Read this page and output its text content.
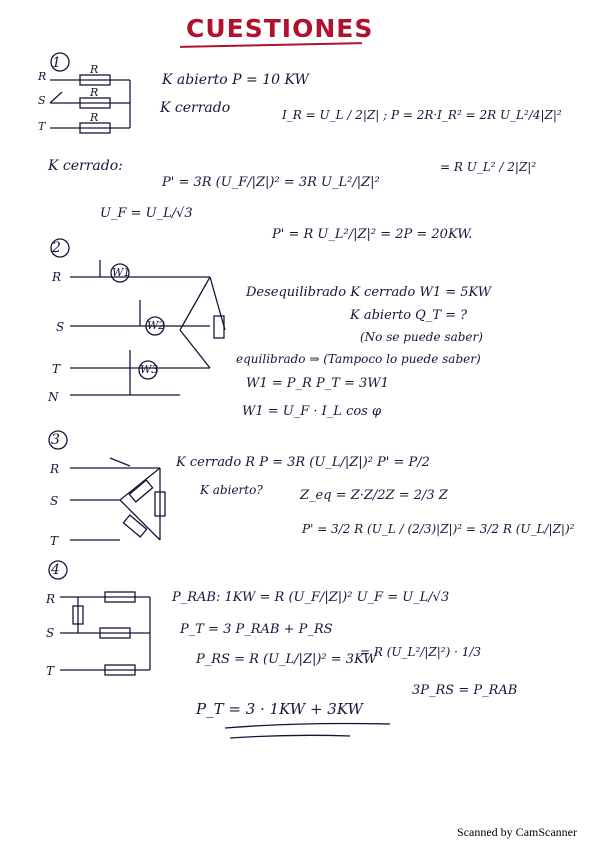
CUESTIONES
R
S
T
R
R
R
1
K abierto P = 10 KW
K cerrado	I_R = U_L / 2|Z| ; P = 2R·I_R² = 2R U_L²/4|Z|²
= R U_L² / 2|Z|²
K cerrado:
P' = 3R (U_F/|Z|)² = 3R U_L²/|Z|²
U_F = U_L/√3
P' = R U_L²/|Z|² = 2P = 20KW.
2
R
S
T
N
W1
W2
W3
Desequilibrado K cerrado W1 = 5KW
K abierto Q_T = ?
(No se puede saber)
equilibrado ⇒ (Tampoco lo puede saber)
W1 = P_R P_T = 3W1
W1 = U_F · I_L cos φ
3
R
S
T
K cerrado R P = 3R (U_L/|Z|)² P' = P/2
K abierto?	Z_eq = Z·Z/2Z = 2/3 Z
P' = 3/2 R (U_L / (2/3)|Z|)² = 3/2 R (U_L/|Z|)²
4
R
S
T
P_RAB: 1KW = R (U_F/|Z|)² U_F = U_L/√3
P_T = 3 P_RAB + P_RS
P_RS = R (U_L/|Z|)² = 3KW
= R (U_L²/|Z|²) · 1/3
3P_RS = P_RAB
P_T = 3 · 1KW + 3KW
Scanned by CamScanner
